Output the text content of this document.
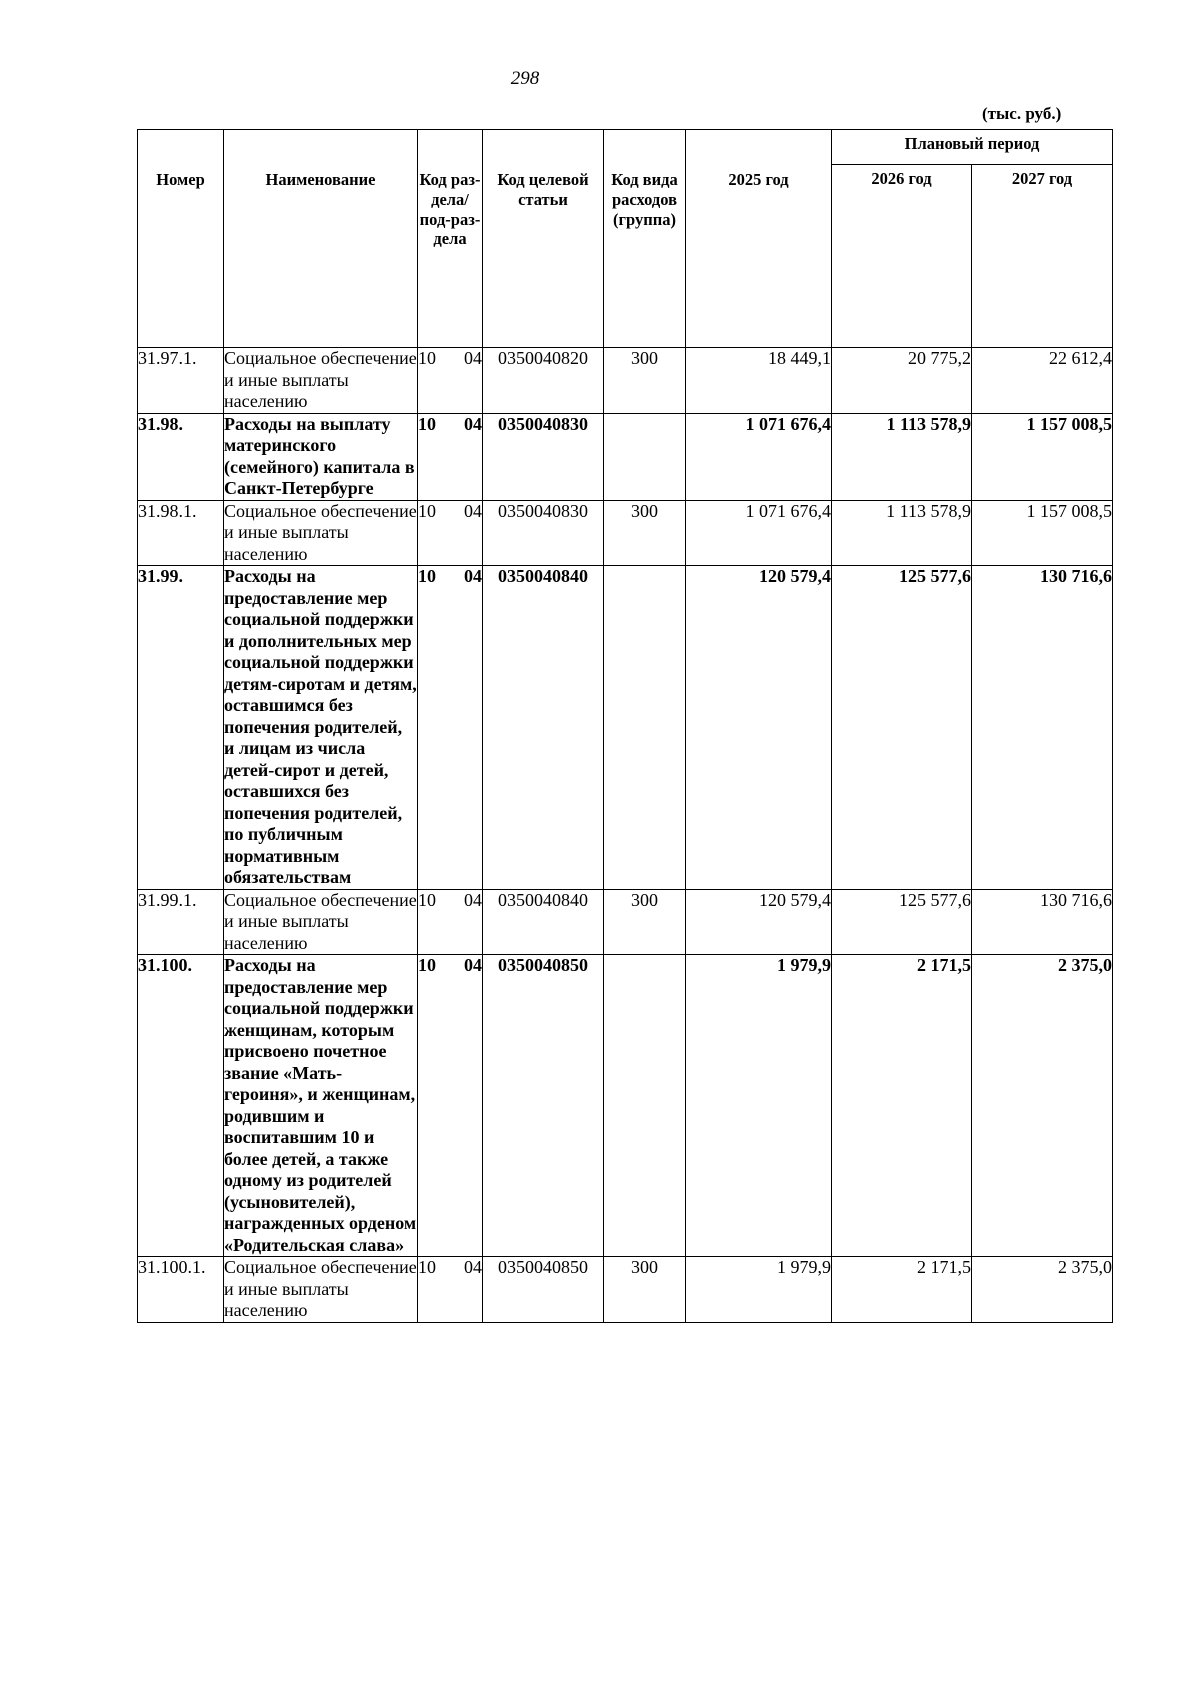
298
(тыс. руб.)
Номер	Наименование	Код раз-дела/ под-раз-дела	Код целевой статьи	Код вида расходов (группа)	2025 год	Плановый период	
						2026 год	2027 год
31.97.1.	Социальное обеспечение и иные выплаты населению	10 04	0350040820	300	18 449,1	20 775,2	22 612,4
31.98.	Расходы на выплату материнского (семейного) капитала в Санкт-Петербурге	10 04	0350040830		1 071 676,4	1 113 578,9	1 157 008,5
31.98.1.	Социальное обеспечение и иные выплаты населению	10 04	0350040830	300	1 071 676,4	1 113 578,9	1 157 008,5
31.99.	Расходы на предоставление мер социальной поддержки и дополнительных мер социальной поддержки детям-сиротам и детям, оставшимся без попечения родителей, и лицам из числа детей-сирот и детей, оставшихся без попечения родителей, по публичным нормативным обязательствам	10 04	0350040840		120 579,4	125 577,6	130 716,6
31.99.1.	Социальное обеспечение и иные выплаты населению	10 04	0350040840	300	120 579,4	125 577,6	130 716,6
31.100.	Расходы на предоставление мер социальной поддержки женщинам, которым присвоено почетное звание «Мать-героиня», и женщинам, родившим и воспитавшим 10 и более детей, а также одному из родителей (усыновителей), награжденных орденом «Родительская слава»	10 04	0350040850		1 979,9	2 171,5	2 375,0
31.100.1.	Социальное обеспечение и иные выплаты населению	10 04	0350040850	300	1 979,9	2 171,5	2 375,0
